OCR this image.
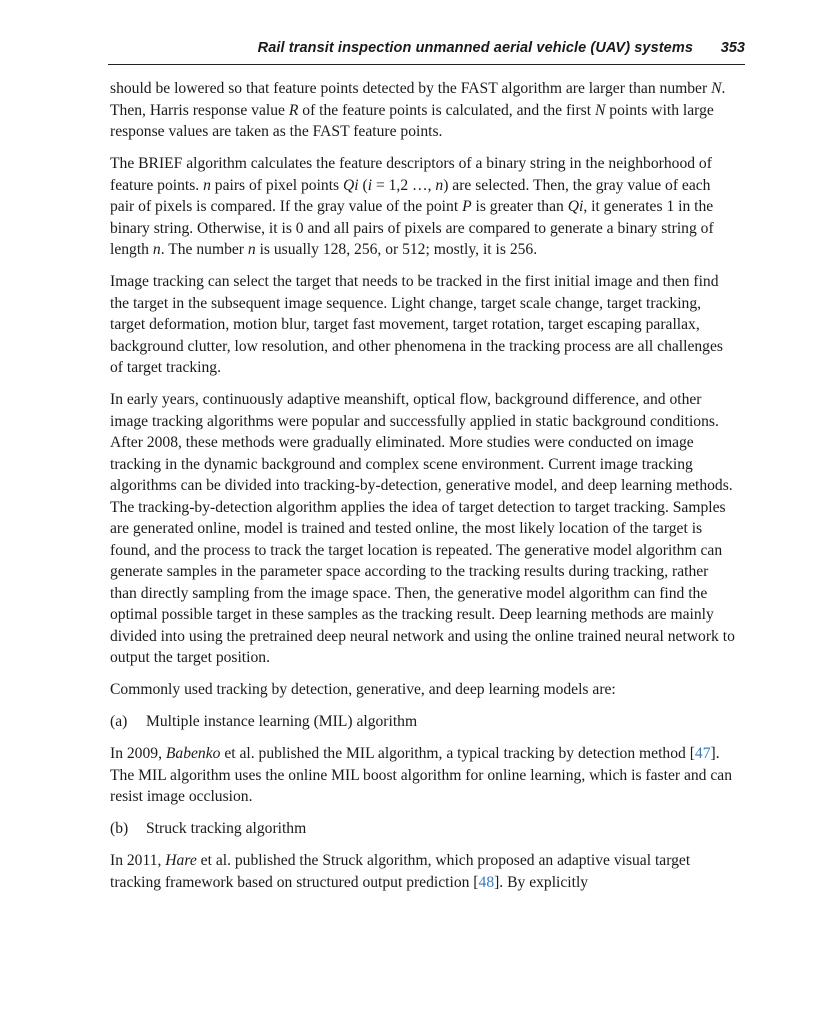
Rail transit inspection unmanned aerial vehicle (UAV) systems 353

should be lowered so that feature points detected by the FAST algorithm are larger than number N. Then, Harris response value R of the feature points is calculated, and the first N points with large response values are taken as the FAST feature points.

The BRIEF algorithm calculates the feature descriptors of a binary string in the neighborhood of feature points. n pairs of pixel points Qi (i = 1,2 …, n) are selected. Then, the gray value of each pair of pixels is compared. If the gray value of the point P is greater than Qi, it generates 1 in the binary string. Otherwise, it is 0 and all pairs of pixels are compared to generate a binary string of length n. The number n is usually 128, 256, or 512; mostly, it is 256.

Image tracking can select the target that needs to be tracked in the first initial image and then find the target in the subsequent image sequence. Light change, target scale change, target tracking, target deformation, motion blur, target fast movement, target rotation, target escaping parallax, background clutter, low resolution, and other phenomena in the tracking process are all challenges of target tracking.

In early years, continuously adaptive meanshift, optical flow, background difference, and other image tracking algorithms were popular and successfully applied in static background conditions. After 2008, these methods were gradually eliminated. More studies were conducted on image tracking in the dynamic background and complex scene environment. Current image tracking algorithms can be divided into tracking-by-detection, generative model, and deep learning methods. The tracking-by-detection algorithm applies the idea of target detection to target tracking. Samples are generated online, model is trained and tested online, the most likely location of the target is found, and the process to track the target location is repeated. The generative model algorithm can generate samples in the parameter space according to the tracking results during tracking, rather than directly sampling from the image space. Then, the generative model algorithm can find the optimal possible target in these samples as the tracking result. Deep learning methods are mainly divided into using the pretrained deep neural network and using the online trained neural network to output the target position.

Commonly used tracking by detection, generative, and deep learning models are:

(a) Multiple instance learning (MIL) algorithm

In 2009, Babenko et al. published the MIL algorithm, a typical tracking by detection method [47]. The MIL algorithm uses the online MIL boost algorithm for online learning, which is faster and can resist image occlusion.

(b) Struck tracking algorithm

In 2011, Hare et al. published the Struck algorithm, which proposed an adaptive visual target tracking framework based on structured output prediction [48]. By explicitly
